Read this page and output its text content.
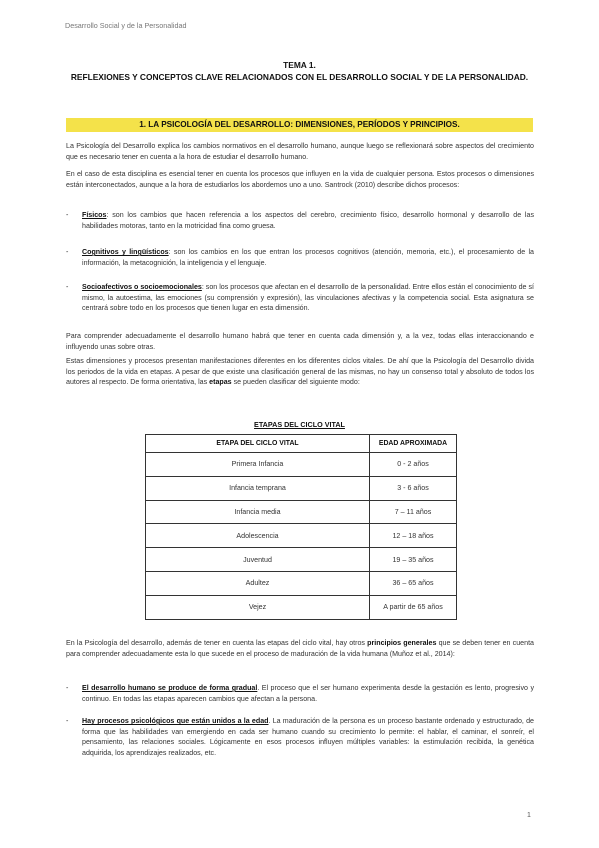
Desarrollo Social y de la Personalidad
TEMA 1.
REFLEXIONES Y CONCEPTOS CLAVE RELACIONADOS CON EL DESARROLLO SOCIAL Y DE LA PERSONALIDAD.
1. LA PSICOLOGÍA DEL DESARROLLO: DIMENSIONES, PERÍODOS Y PRINCIPIOS.

La Psicología del Desarrollo explica los cambios normativos en el desarrollo humano, aunque luego se reflexionará sobre aspectos del crecimiento que es necesario tener en cuenta a la hora de estudiar el desarrollo humano.

En el caso de esta disciplina es esencial tener en cuenta los procesos que influyen en la vida de cualquier persona. Estos procesos o dimensiones están interconectados, aunque a la hora de estudiarlos los abordemos uno a uno. Santrock (2010) describe dichos procesos:

-	Físicos: son los cambios que hacen referencia a los aspectos del cerebro, crecimiento físico, desarrollo hormonal y desarrollo de las habilidades motoras, tanto en la motricidad fina como gruesa.
-	Cognitivos y lingüísticos: son los cambios en los que entran los procesos cognitivos (atención, memoria, etc.), el procesamiento de la información, la metacognición, la inteligencia y el lenguaje.
-	Socioafectivos o socioemocionales: son los procesos que afectan en el desarrollo de la personalidad. Entre ellos están el conocimiento de sí mismo, la autoestima, las emociones (su comprensión y expresión), las vinculaciones afectivas y la competencia social. Esta asignatura se centrará sobre todo en los procesos que tienen lugar en esta dimensión.

Para comprender adecuadamente el desarrollo humano habrá que tener en cuenta cada dimensión y, a la vez, todas ellas interaccionando e influyendo unas sobre otras.

Estas dimensiones y procesos presentan manifestaciones diferentes en los diferentes ciclos vitales. De ahí que la Psicología del Desarrollo divida los periodos de la vida en etapas. A pesar de que existe una clasificación general de las mismas, no hay un consenso total y absoluto de todos los autores al respecto. De forma orientativa, las etapas se pueden clasificar del siguiente modo:

ETAPAS DEL CICLO VITAL
ETAPA DEL CICLO VITAL	EDAD APROXIMADA
Primera Infancia	0 - 2 años
Infancia temprana	3 - 6 años
Infancia media	7 – 11 años
Adolescencia	12 – 18 años
Juventud	19 – 35 años
Adultez	36 – 65 años
Vejez	A partir de 65 años

En la Psicología del desarrollo, además de tener en cuenta las etapas del ciclo vital, hay otros principios generales que se deben tener en cuenta para comprender adecuadamente esta lo que sucede en el proceso de maduración de la vida humana (Muñoz et al., 2014):

-	El desarrollo humano se produce de forma gradual. El proceso que el ser humano experimenta desde la gestación es lento, progresivo y continuo. En todas las etapas aparecen cambios que afectan a la persona.
-	Hay procesos psicológicos que están unidos a la edad. La maduración de la persona es un proceso bastante ordenado y estructurado, de forma que las habilidades van emergiendo en cada ser humano cuando su crecimiento lo permite: el hablar, el caminar, el sonreír, el pensamiento, las relaciones sociales. Lógicamente en esos procesos influyen múltiples variables: la estimulación recibida, la genética adquirida, los aprendizajes realizados, etc.
1
